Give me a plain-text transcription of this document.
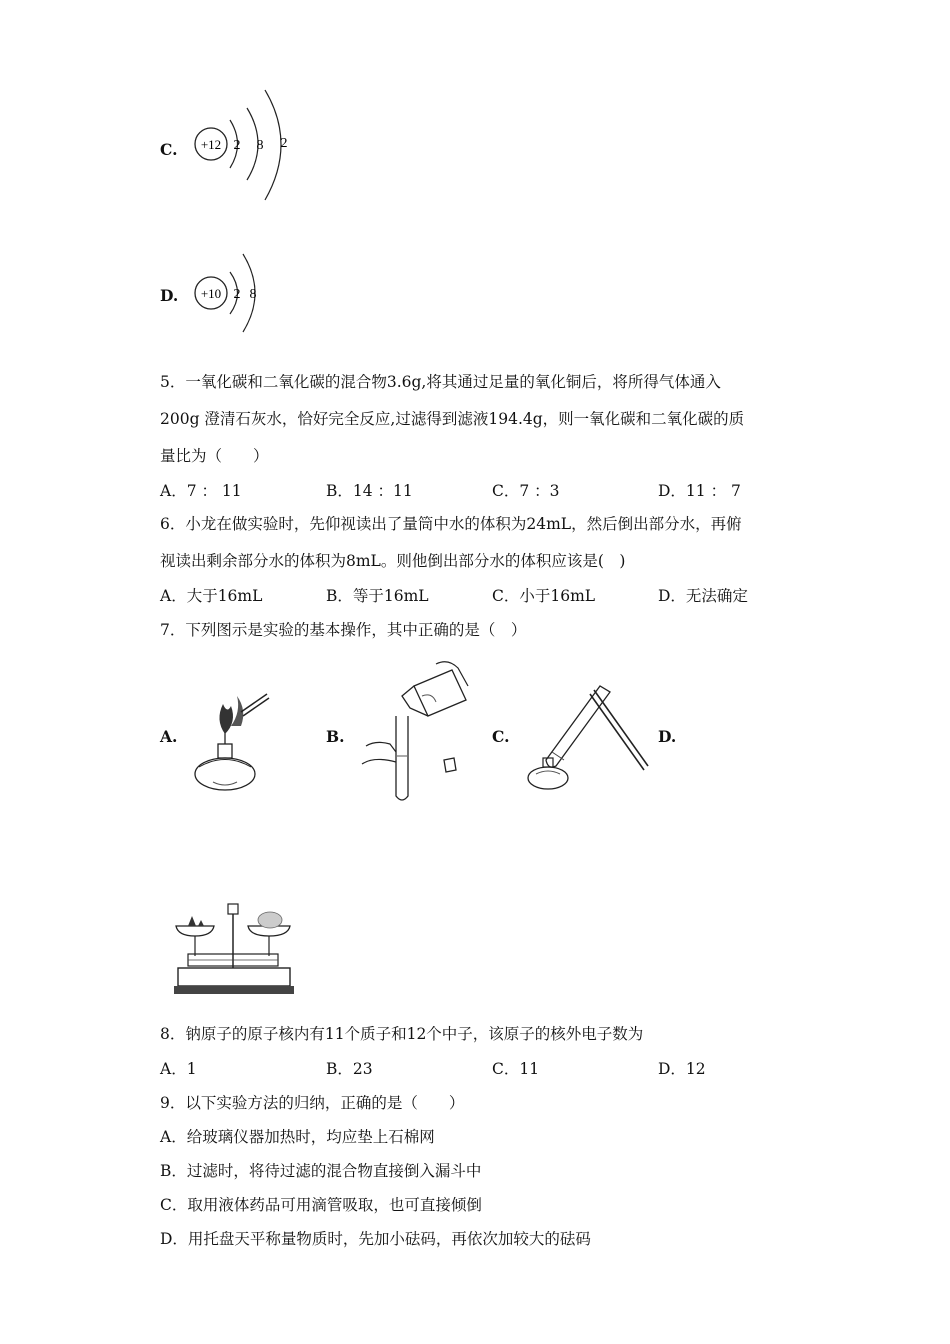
C. +12 2 8 2
D. +10 2 8
5．一氧化碳和二氧化碳的混合物3.6g,将其通过足量的氧化铜后，将所得气体通入
200g 澄清石灰水，恰好完全反应,过滤得到滤液194.4g，则一氧化碳和二氧化碳的质
量比为（　　）
A．7 ： 11	B．14 ：11	C．7 ：3	D．11 ： 7
6．小龙在做实验时，先仰视读出了量筒中水的体积为24mL，然后倒出部分水，再俯
视读出剩余部分水的体积为8mL。则他倒出部分水的体积应该是(　)
A．大于16mL	B．等于16mL	C．小于16mL	D．无法确定
7．下列图示是实验的基本操作，其中正确的是（　）
A.	B.	C.	D.
8．钠原子的原子核内有11个质子和12个中子，该原子的核外电子数为
A．1	B．23	C．11	D．12
9．以下实验方法的归纳，正确的是（　　）
A．给玻璃仪器加热时，均应垫上石棉网
B．过滤时，将待过滤的混合物直接倒入漏斗中
C．取用液体药品可用滴管吸取，也可直接倾倒
D．用托盘天平称量物质时，先加小砝码，再依次加较大的砝码
